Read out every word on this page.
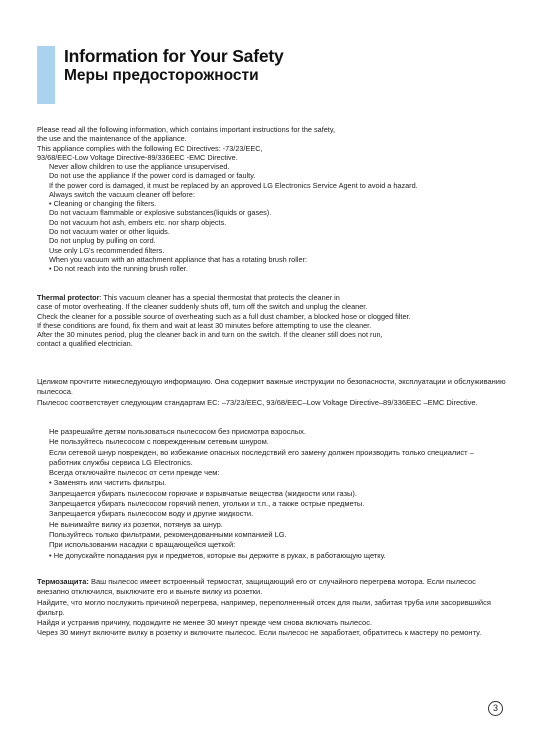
Information for Your Safety
Меры предосторожности
Please read all the following information, which contains important instructions for the safety,
the use and the maintenance of the appliance.
This appliance complies with the following EC Directives: -73/23/EEC,
93/68/EEC-Low Voltage Directive-89/336EEC -EMC Directive.
Never allow children to use the appliance unsupervised.
Do not use the appliance If the power cord is damaged or faulty.
If the power cord is damaged, it must be replaced by an approved LG Electronics Service Agent to avoid a hazard.
Always switch the vacuum cleaner off before:
• Cleaning or changing the filters.
Do not vacuum flammable or explosive substances(liquids or gases).
Do not vacuum hot ash, embers etc. nor sharp objects.
Do not vacuum water or other liquids.
Do not unplug by pulling on cord.
Use only LG's recommended filters.
When you vacuum with an attachment appliance that has a rotating brush roller:
• Do not reach into the running brush roller.
Thermal protector: This vacuum cleaner has a special thermostat that protects the cleaner in
case of motor overheating. If the cleaner suddenly shuts off, turn off the switch and unplug the cleaner.
Check the cleaner for a possible source of overheating such as a full dust chamber, a blocked hose or clogged filter.
If these conditions are found, fix them and wait at least 30 minutes before attempting to use the cleaner.
After the 30 minutes period, plug the cleaner back in and turn on the switch. If the cleaner still does not run,
contact a qualified electrician.
Целиком прочтите нижеследующую информацию. Она содержит важные инструкции по безопасности, эксплуатации и обслуживанию пылесоса.
Пылесос соответствует следующим стандартам ЕС: –73/23/EEC, 93/68/EEC–Low Voltage Directive–89/336EEC –EMC Directive.
Не разрешайте детям пользоваться пылесосом без присмотра взрослых.
Не пользуйтесь пылесосом с поврежденным сетевым шнуром.
Если сетевой шнур поврежден, во избежание опасных последствий его замену должен производить только специалист – работник службы сервиса LG Electronics.
Всегда отключайте пылесос от сети прежде чем:
• Заменять или чистить фильтры.
Запрещается убирать пылесосом горючие и взрывчатые вещества (жидкости или газы).
Запрещается убирать пылесосом горячий пепел, угольки и т.п., а также острые предметы.
Запрещается убирать пылесосом воду и другие жидкости.
Не вынимайте вилку из розетки, потянув за шнур.
Пользуйтесь только фильтрами, рекомендованными компанией LG.
При использовании насадки с вращающейся щеткой:
• Не допускайте попадания рук и предметов, которые вы держите в руках, в работающую щетку.
Термозащита: Ваш пылесос имеет встроенный термостат, защищающий его от случайного перегрева мотора. Если пылесос внезапно отключился, выключите его и выньте вилку из розетки.
Найдите, что могло послужить причиной перегрева, например, переполненный отсек для пыли, забитая труба или засорившийся фильтр.
Найдя и устранив причину, подождите не менее 30 минут прежде чем снова включать пылесос.
Через 30 минут включите вилку в розетку и включите пылесос. Если пылесос не заработает, обратитесь к мастеру по ремонту.
3
